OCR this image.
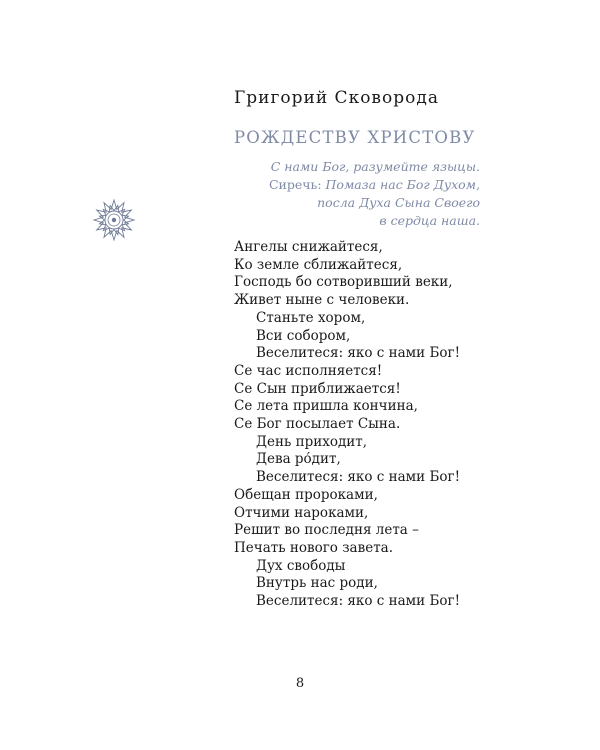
Григорий Сковорода
РОЖДЕСТВУ ХРИСТОВУ
С нами Бог, разумейте языцы.
Сиречь: Помаза нас Бог Духом,
посла Духа Сына Своего
в сердца наша.
Ангелы снижайтеся,
Ко земле сближайтеся,
Господь бо сотворивший веки,
Живет ныне с человеки.
Станьте хором,
Вси собором,
Веселитеся: яко с нами Бог!
Се час исполняется!
Се Сын приближается!
Се лета пришла кончина,
Се Бог посылает Сына.
День приходит,
Дева ро́дит,
Веселитеся: яко с нами Бог!
Обещан пророками,
Отчими нароками,
Решит во последня лета –
Печать нового завета.
Дух свободы
Внутрь нас роди,
Веселитеся: яко с нами Бог!
8
